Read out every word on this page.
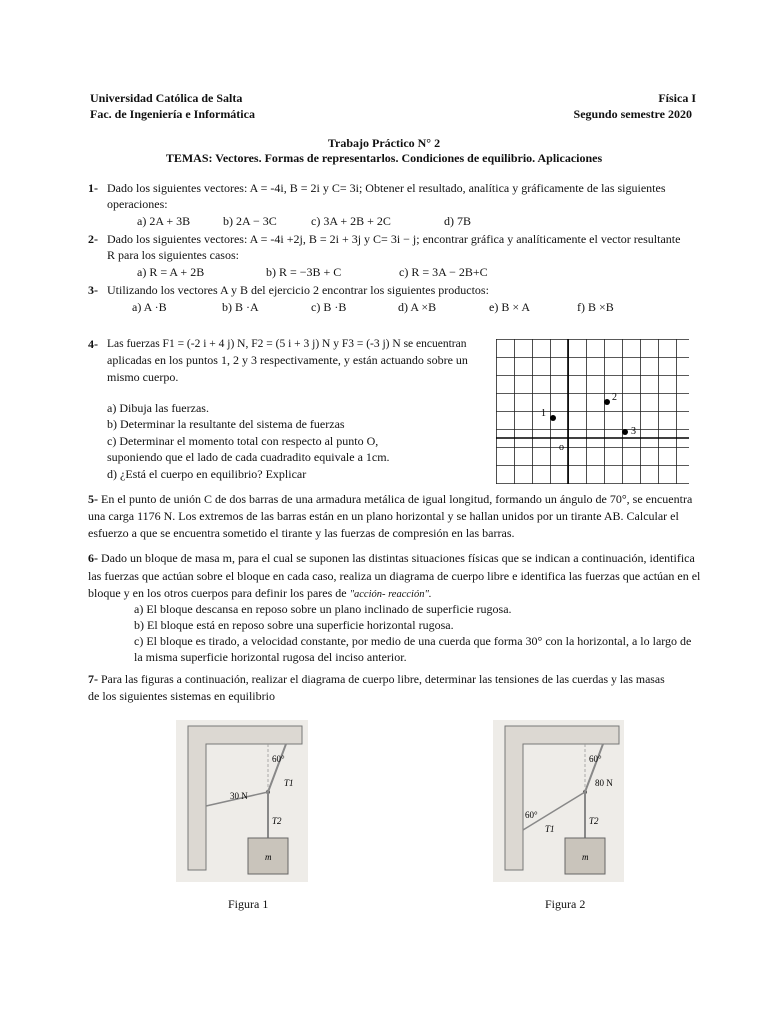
Universidad Católica de Salta
Fac. de Ingeniería e Informática
Física I
Segundo semestre 2020
Trabajo Práctico N° 2
TEMAS: Vectores. Formas de representarlos. Condiciones de equilibrio. Aplicaciones
1- Dado los siguientes vectores: A = -4i, B = 2i y C= 3i; Obtener el resultado, analítica y gráficamente de las siguientes
operaciones:
a) 2A + 3B	b) 2A − 3C	c) 3A + 2B + 2C	d) 7B
2- Dado los siguientes vectores: A = -4i +2j, B = 2i + 3j y C= 3i − j; encontrar gráfica y analíticamente el vector resultante
R para los siguientes casos:
a) R = A + 2B	b) R = −3B + C	c) R = 3A − 2B+C
3- Utilizando los vectores A y B del ejercicio 2 encontrar los siguientes productos:
a) A ·B	b) B ·A	c) B ·B	d) A ×B	e) B × A	f) B ×B
4- Las fuerzas F1 = (-2 i + 4 j) N, F2 = (5 i + 3 j) N y F3 = (-3 j) N se encuentran
aplicadas en los puntos 1, 2 y 3 respectivamente, y están actuando sobre un
mismo cuerpo.
a) Dibuja las fuerzas.
b) Determinar la resultante del sistema de fuerzas
c) Determinar el momento total con respecto al punto O,
suponiendo que el lado de cada cuadradito equivale a 1cm.
d) ¿Está el cuerpo en equilibrio? Explicar
1
2
3
o
5- En el punto de unión C de dos barras de una armadura metálica de igual longitud, formando un ángulo de 70°, se encuentra
una carga 1176 N. Los extremos de las barras están en un plano horizontal y se hallan unidos por un tirante AB. Calcular el
esfuerzo a que se encuentra sometido el tirante y las fuerzas de compresión en las barras.
6- Dado un bloque de masa m, para el cual se suponen las distintas situaciones físicas que se indican a continuación, identifica
las fuerzas que actúan sobre el bloque en cada caso, realiza un diagrama de cuerpo libre e identifica las fuerzas que actúan en el
bloque y en los otros cuerpos para definir los pares de "acción- reacción".
a) El bloque descansa en reposo sobre un plano inclinado de superficie rugosa.
b) El bloque está en reposo sobre una superficie horizontal rugosa.
c) El bloque es tirado, a velocidad constante, por medio de una cuerda que forma 30° con la horizontal, a lo largo de
la misma superficie horizontal rugosa del inciso anterior.
7- Para las figuras a continuación, realizar el diagrama de cuerpo libre, determinar las tensiones de las cuerdas y las masas
de los siguientes sistemas en equilibrio
60°
30 N
T1
T2
m
Figura 1
60°
60°
80 N
T1
T2
m
Figura 2
